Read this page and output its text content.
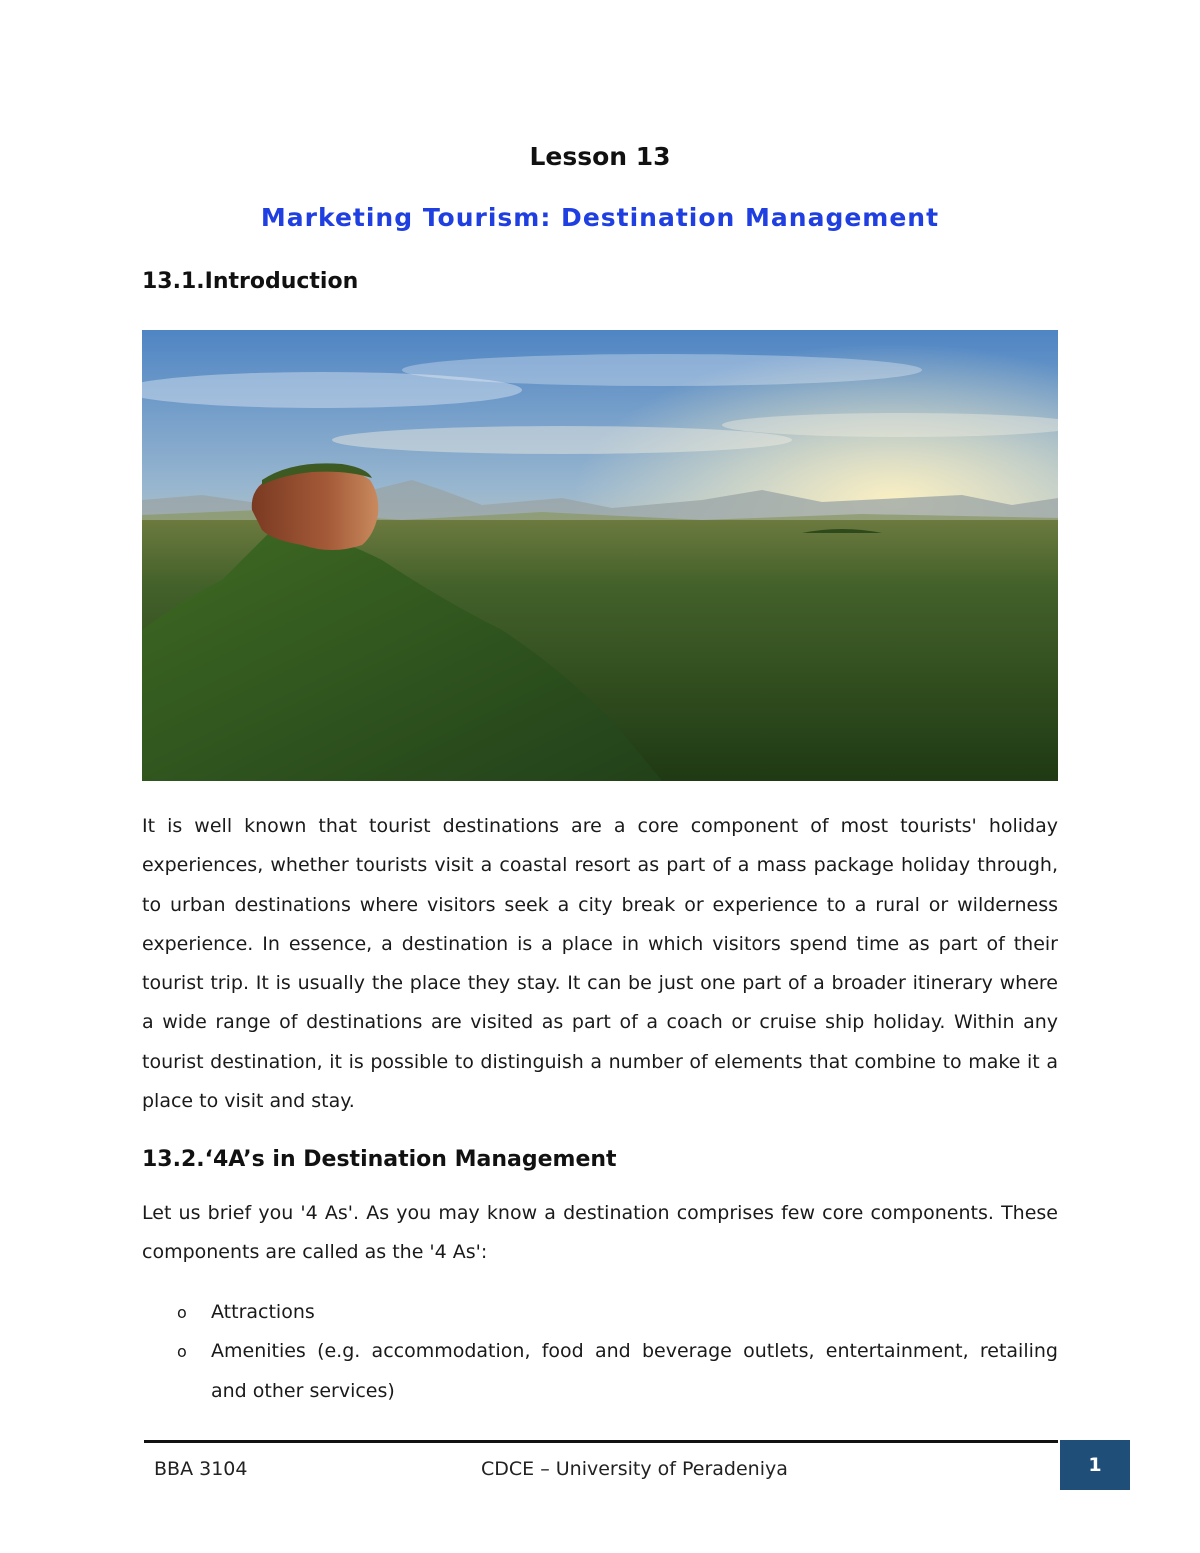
Lesson 13
Marketing Tourism: Destination Management
13.1.Introduction
It is well known that tourist destinations are a core component of most tourists' holiday experiences, whether tourists visit a coastal resort as part of a mass package holiday through, to urban destinations where visitors seek a city break or experience to a rural or wilderness experience. In essence, a destination is a place in which visitors spend time as part of their tourist trip. It is usually the place they stay. It can be just one part of a broader itinerary where a wide range of destinations are visited as part of a coach or cruise ship holiday. Within any tourist destination, it is possible to distinguish a number of elements that combine to make it a place to visit and stay.
13.2.‘4A’s in Destination Management
Let us brief you '4 As'. As you may know a destination comprises few core components. These components are called as the '4 As':
o Attractions
o Amenities (e.g. accommodation, food and beverage outlets, entertainment, retailing and other services)
BBA 3104	CDCE – University of Peradeniya	1
